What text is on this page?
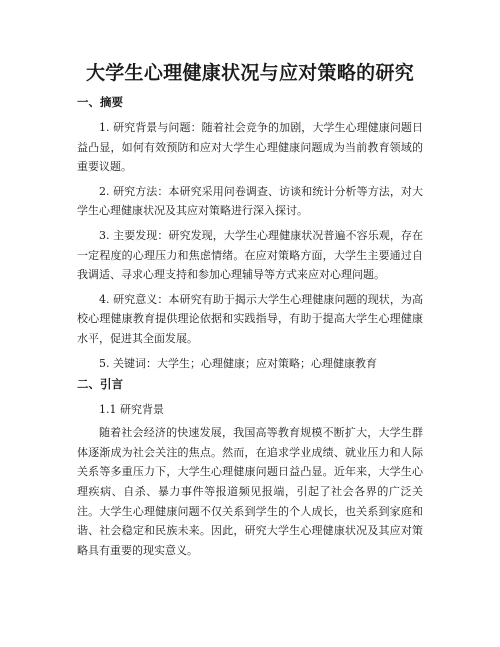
大学生心理健康状况与应对策略的研究
一、摘要

1. 研究背景与问题：随着社会竞争的加剧，大学生心理健康问题日益凸显，如何有效预防和应对大学生心理健康问题成为当前教育领域的重要议题。

2. 研究方法：本研究采用问卷调查、访谈和统计分析等方法，对大学生心理健康状况及其应对策略进行深入探讨。

3. 主要发现：研究发现，大学生心理健康状况普遍不容乐观，存在一定程度的心理压力和焦虑情绪。在应对策略方面，大学生主要通过自我调适、寻求心理支持和参加心理辅导等方式来应对心理问题。

4. 研究意义：本研究有助于揭示大学生心理健康问题的现状，为高校心理健康教育提供理论依据和实践指导，有助于提高大学生心理健康水平，促进其全面发展。

5. 关键词：大学生；心理健康；应对策略；心理健康教育

二、引言
1.1 研究背景

随着社会经济的快速发展，我国高等教育规模不断扩大，大学生群体逐渐成为社会关注的焦点。然而，在追求学业成绩、就业压力和人际关系等多重压力下，大学生心理健康问题日益凸显。近年来，大学生心理疾病、自杀、暴力事件等报道频见报端，引起了社会各界的广泛关注。大学生心理健康问题不仅关系到学生的个人成长，也关系到家庭和谐、社会稳定和民族未来。因此，研究大学生心理健康状况及其应对策略具有重要的现实意义。
